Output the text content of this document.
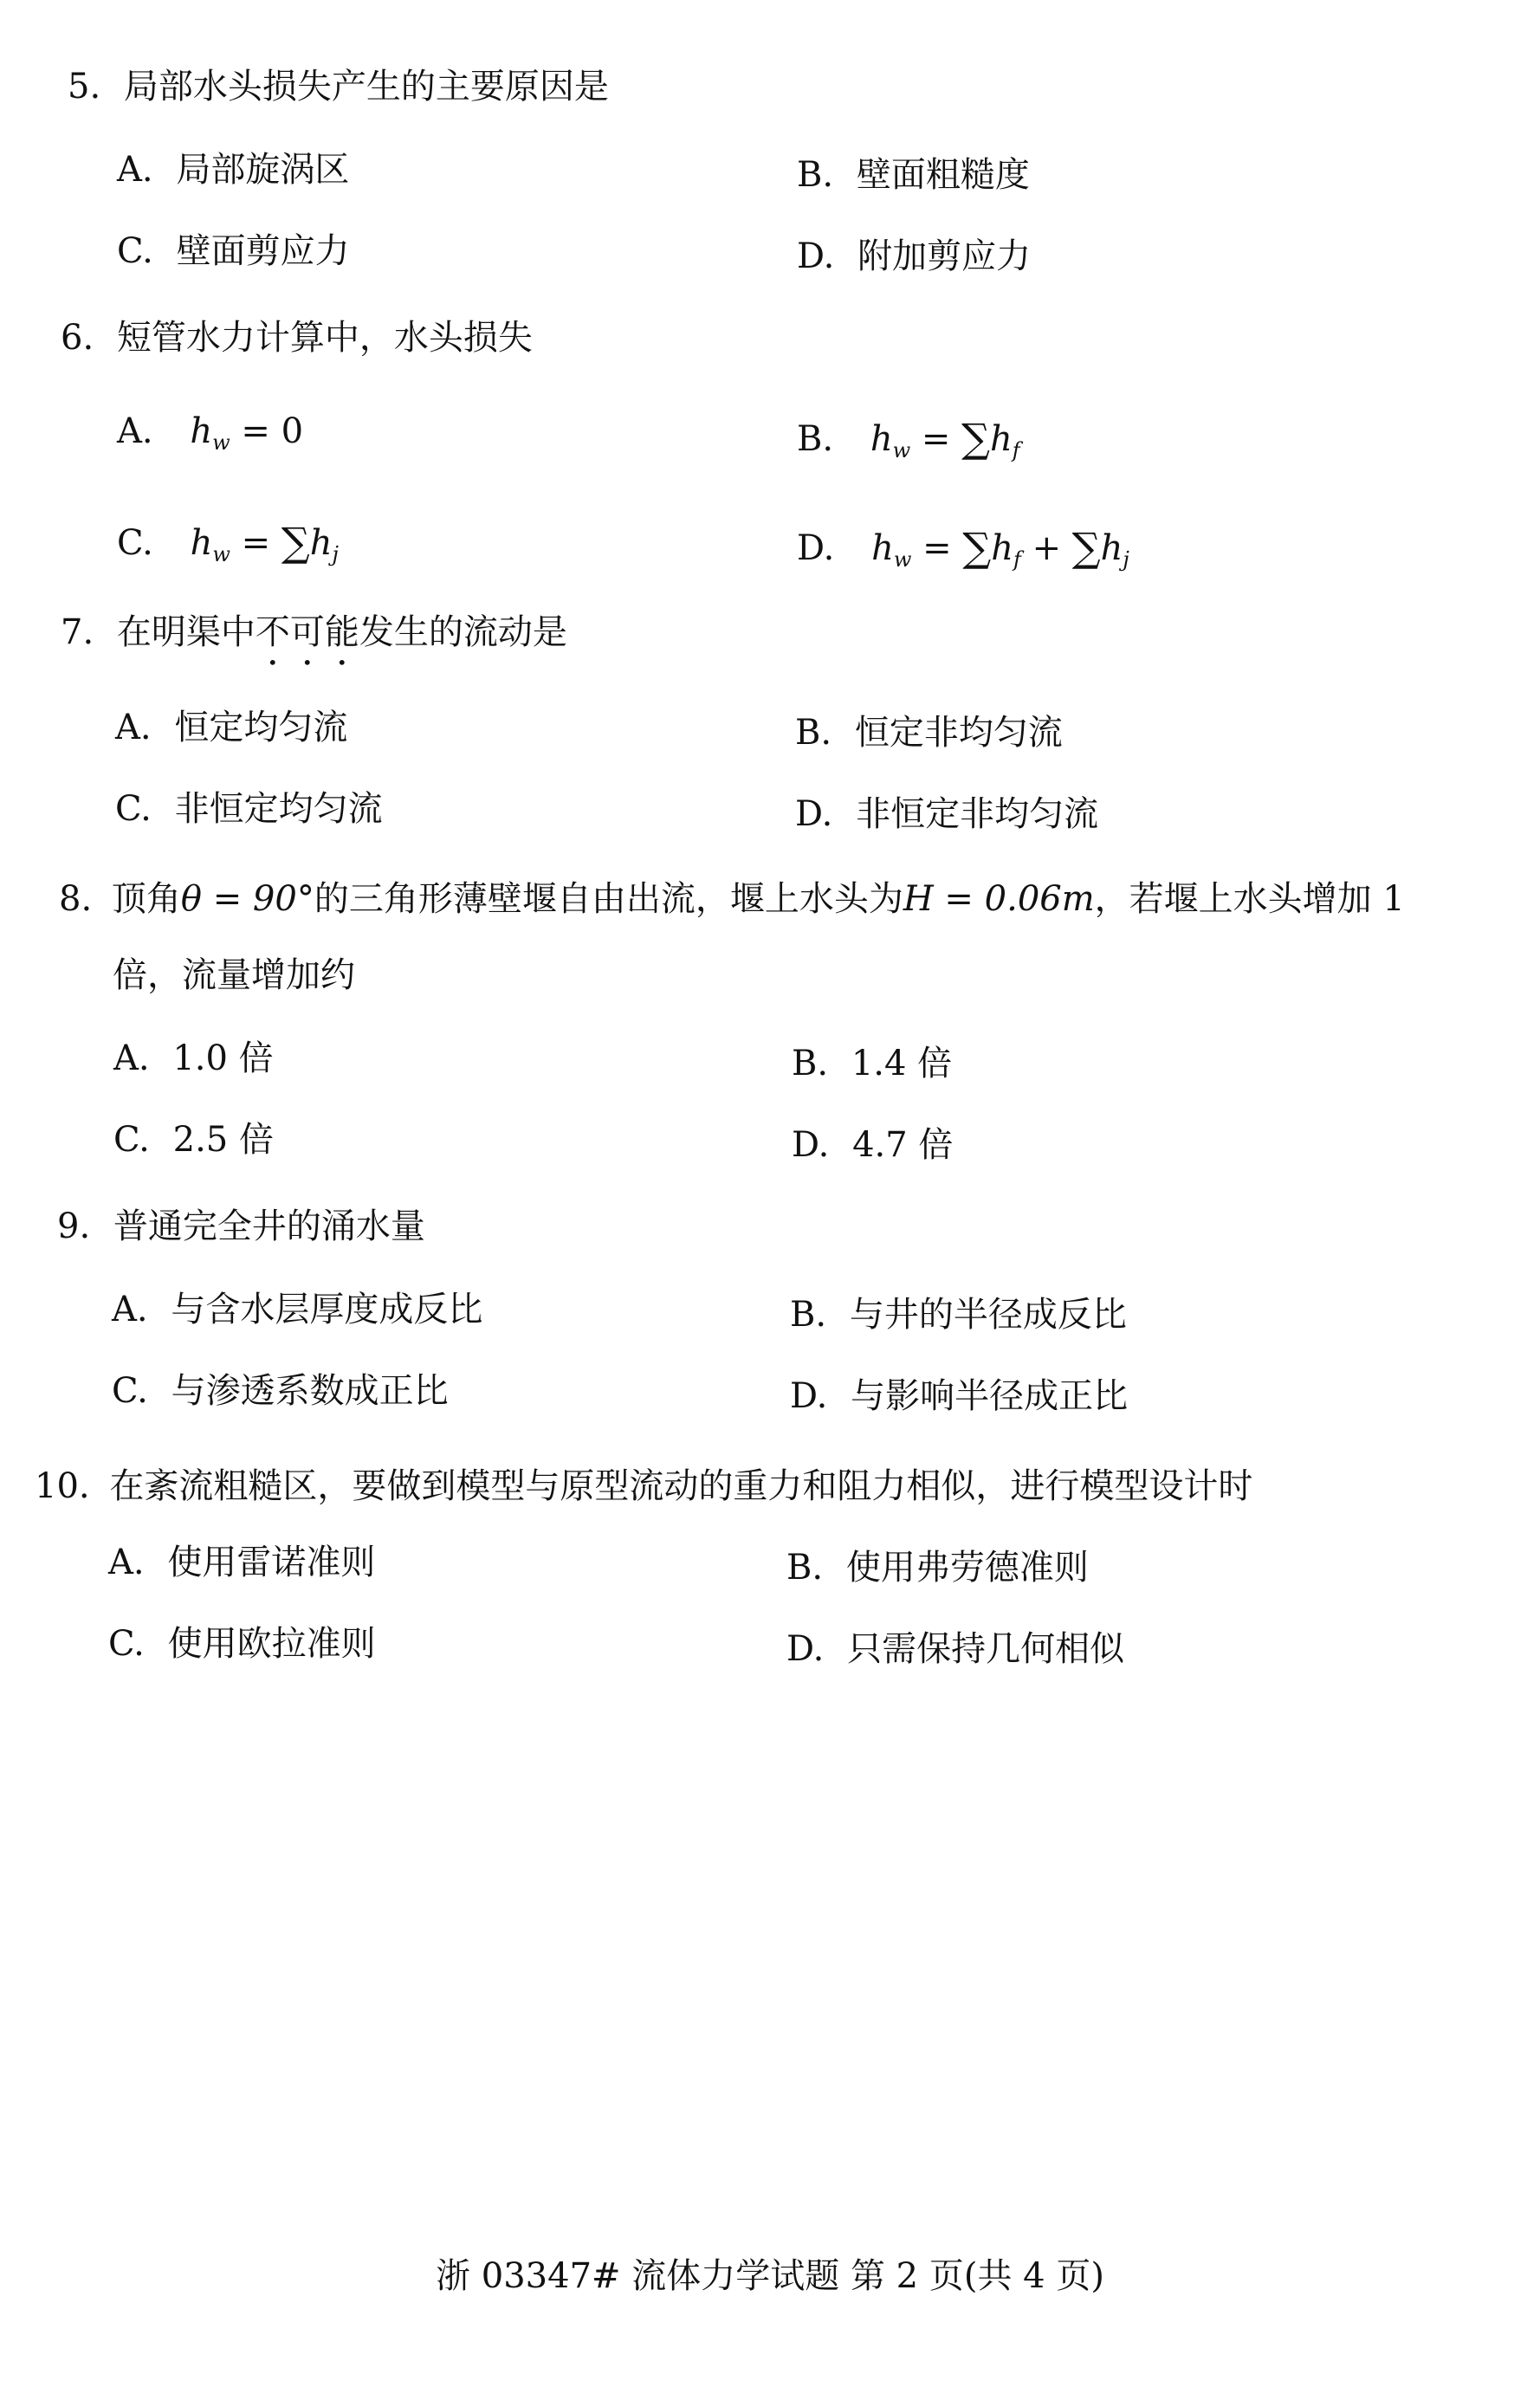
5. 局部水头损失产生的主要原因是
A. 局部旋涡区	B. 壁面粗糙度
C. 壁面剪应力	D. 附加剪应力
6. 短管水力计算中，水头损失
A. $h_w = 0$	B. $h_w = \sum h_f$
C. $h_w = \sum h_j$	D. $h_w = \sum h_f + \sum h_j$
7. 在明渠中不可能发生的流动是
A. 恒定均匀流	B. 恒定非均匀流
C. 非恒定均匀流	D. 非恒定非均匀流
8. 顶角θ = 90°的三角形薄壁堰自由出流，堰上水头为H = 0.06m，若堰上水头增加 1
倍，流量增加约
A. 1.0 倍	B. 1.4 倍
C. 2.5 倍	D. 4.7 倍
9. 普通完全井的涌水量
A. 与含水层厚度成反比	B. 与井的半径成反比
C. 与渗透系数成正比	D. 与影响半径成正比
10. 在紊流粗糙区，要做到模型与原型流动的重力和阻力相似，进行模型设计时
A. 使用雷诺准则	B. 使用弗劳德准则
C. 使用欧拉准则	D. 只需保持几何相似
浙 03347# 流体力学试题 第 2 页(共 4 页)
